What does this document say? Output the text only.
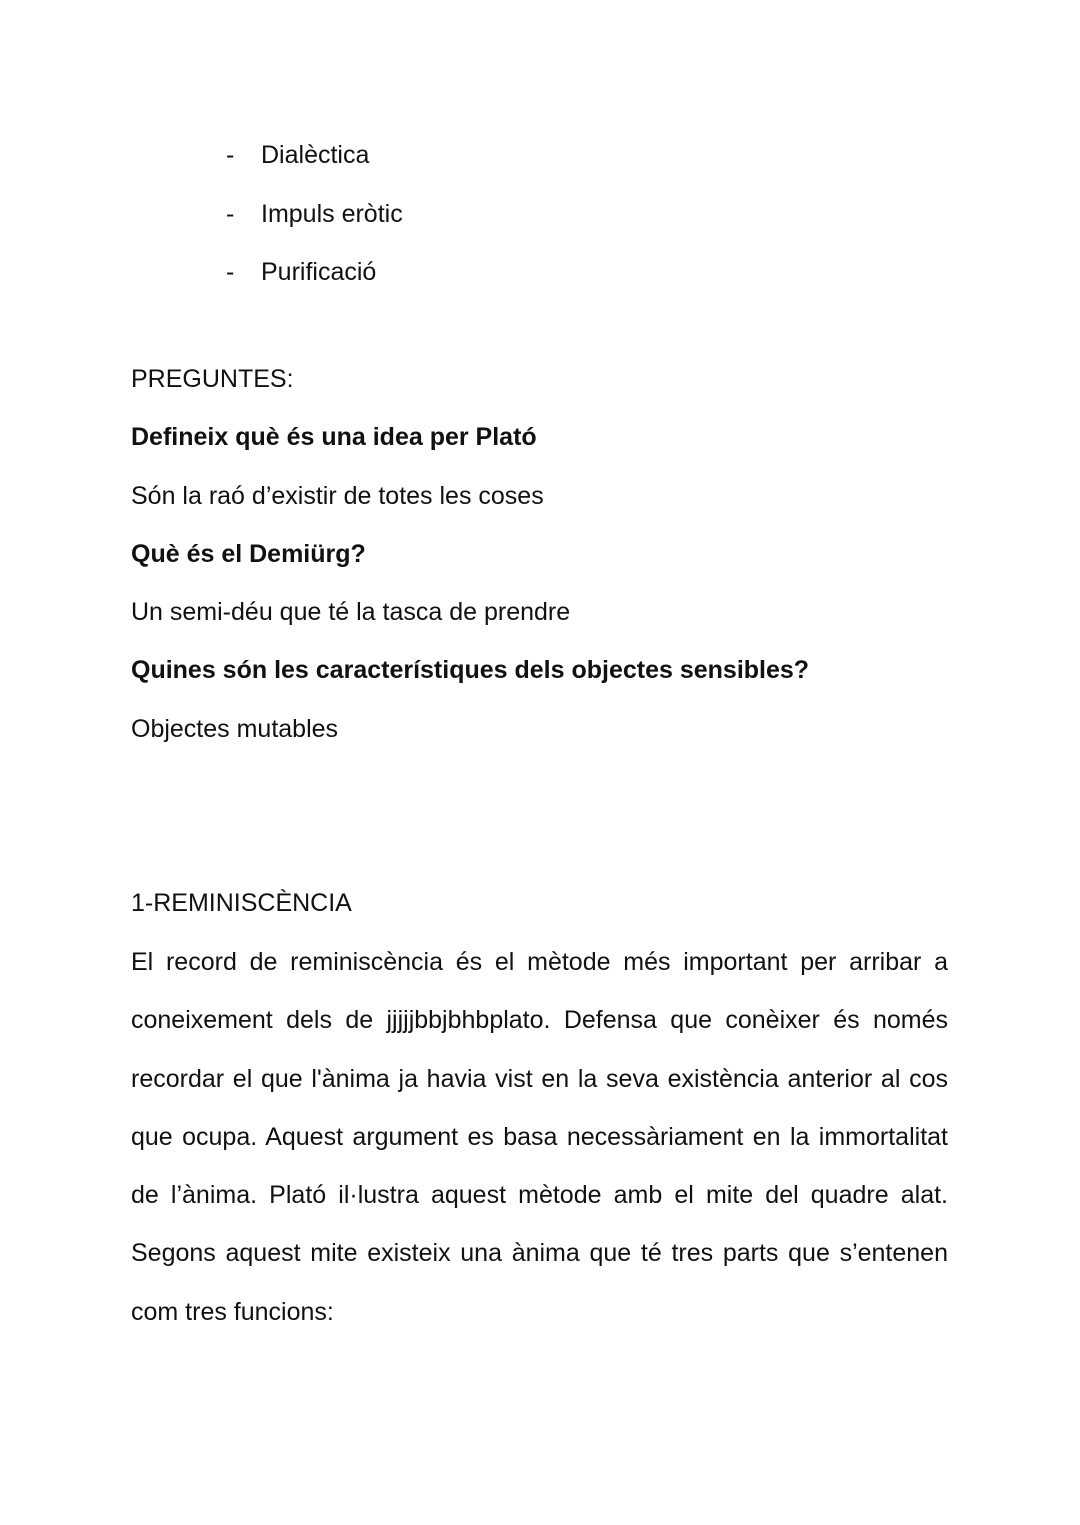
- Dialèctica
- Impuls eròtic
- Purificació

PREGUNTES:

Defineix què és una idea per Plató

Són la raó d’existir de totes les coses

Què és el Demiürg?

Un semi-déu que té la tasca de prendre

Quines són les característiques dels objectes sensibles?

Objectes mutables

1-REMINISCÈNCIA

El record de reminiscència és el mètode més important per arribar a coneixement dels de jjjjjbbjbhbplato. Defensa que conèixer és només recordar el que l'ànima ja havia vist en la seva existència anterior al cos que ocupa. Aquest argument es basa necessàriament en la immortalitat de l’ànima. Plató il·lustra aquest mètode amb el mite del quadre alat. Segons aquest mite existeix una ànima que té tres parts que s’entenen com tres funcions:
